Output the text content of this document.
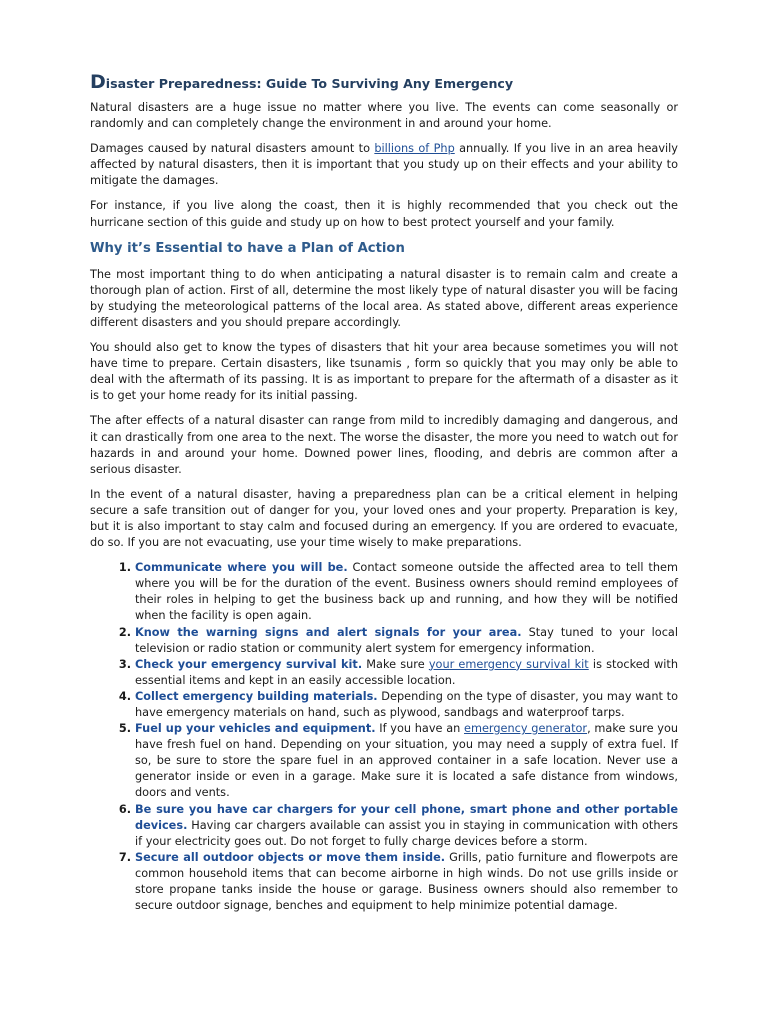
Disaster Preparedness: Guide To Surviving Any Emergency

Natural disasters are a huge issue no matter where you live. The events can come seasonally or randomly and can completely change the environment in and around your home.

Damages caused by natural disasters amount to billions of Php annually. If you live in an area heavily affected by natural disasters, then it is important that you study up on their effects and your ability to mitigate the damages.

For instance, if you live along the coast, then it is highly recommended that you check out the hurricane section of this guide and study up on how to best protect yourself and your family.

Why it’s Essential to have a Plan of Action

The most important thing to do when anticipating a natural disaster is to remain calm and create a thorough plan of action. First of all, determine the most likely type of natural disaster you will be facing by studying the meteorological patterns of the local area. As stated above, different areas experience different disasters and you should prepare accordingly.

You should also get to know the types of disasters that hit your area because sometimes you will not have time to prepare. Certain disasters, like tsunamis , form so quickly that you may only be able to deal with the aftermath of its passing. It is as important to prepare for the aftermath of a disaster as it is to get your home ready for its initial passing.

The after effects of a natural disaster can range from mild to incredibly damaging and dangerous, and it can drastically from one area to the next. The worse the disaster, the more you need to watch out for hazards in and around your home. Downed power lines, flooding, and debris are common after a serious disaster.

In the event of a natural disaster, having a preparedness plan can be a critical element in helping secure a safe transition out of danger for you, your loved ones and your property. Preparation is key, but it is also important to stay calm and focused during an emergency. If you are ordered to evacuate, do so. If you are not evacuating, use your time wisely to make preparations.

1. Communicate where you will be. Contact someone outside the affected area to tell them where you will be for the duration of the event. Business owners should remind employees of their roles in helping to get the business back up and running, and how they will be notified when the facility is open again.
2. Know the warning signs and alert signals for your area. Stay tuned to your local television or radio station or community alert system for emergency information.
3. Check your emergency survival kit. Make sure your emergency survival kit is stocked with essential items and kept in an easily accessible location.
4. Collect emergency building materials. Depending on the type of disaster, you may want to have emergency materials on hand, such as plywood, sandbags and waterproof tarps.
5. Fuel up your vehicles and equipment. If you have an emergency generator, make sure you have fresh fuel on hand. Depending on your situation, you may need a supply of extra fuel. If so, be sure to store the spare fuel in an approved container in a safe location. Never use a generator inside or even in a garage. Make sure it is located a safe distance from windows, doors and vents.
6. Be sure you have car chargers for your cell phone, smart phone and other portable devices. Having car chargers available can assist you in staying in communication with others if your electricity goes out. Do not forget to fully charge devices before a storm.
7. Secure all outdoor objects or move them inside. Grills, patio furniture and flowerpots are common household items that can become airborne in high winds. Do not use grills inside or store propane tanks inside the house or garage. Business owners should also remember to secure outdoor signage, benches and equipment to help minimize potential damage.
